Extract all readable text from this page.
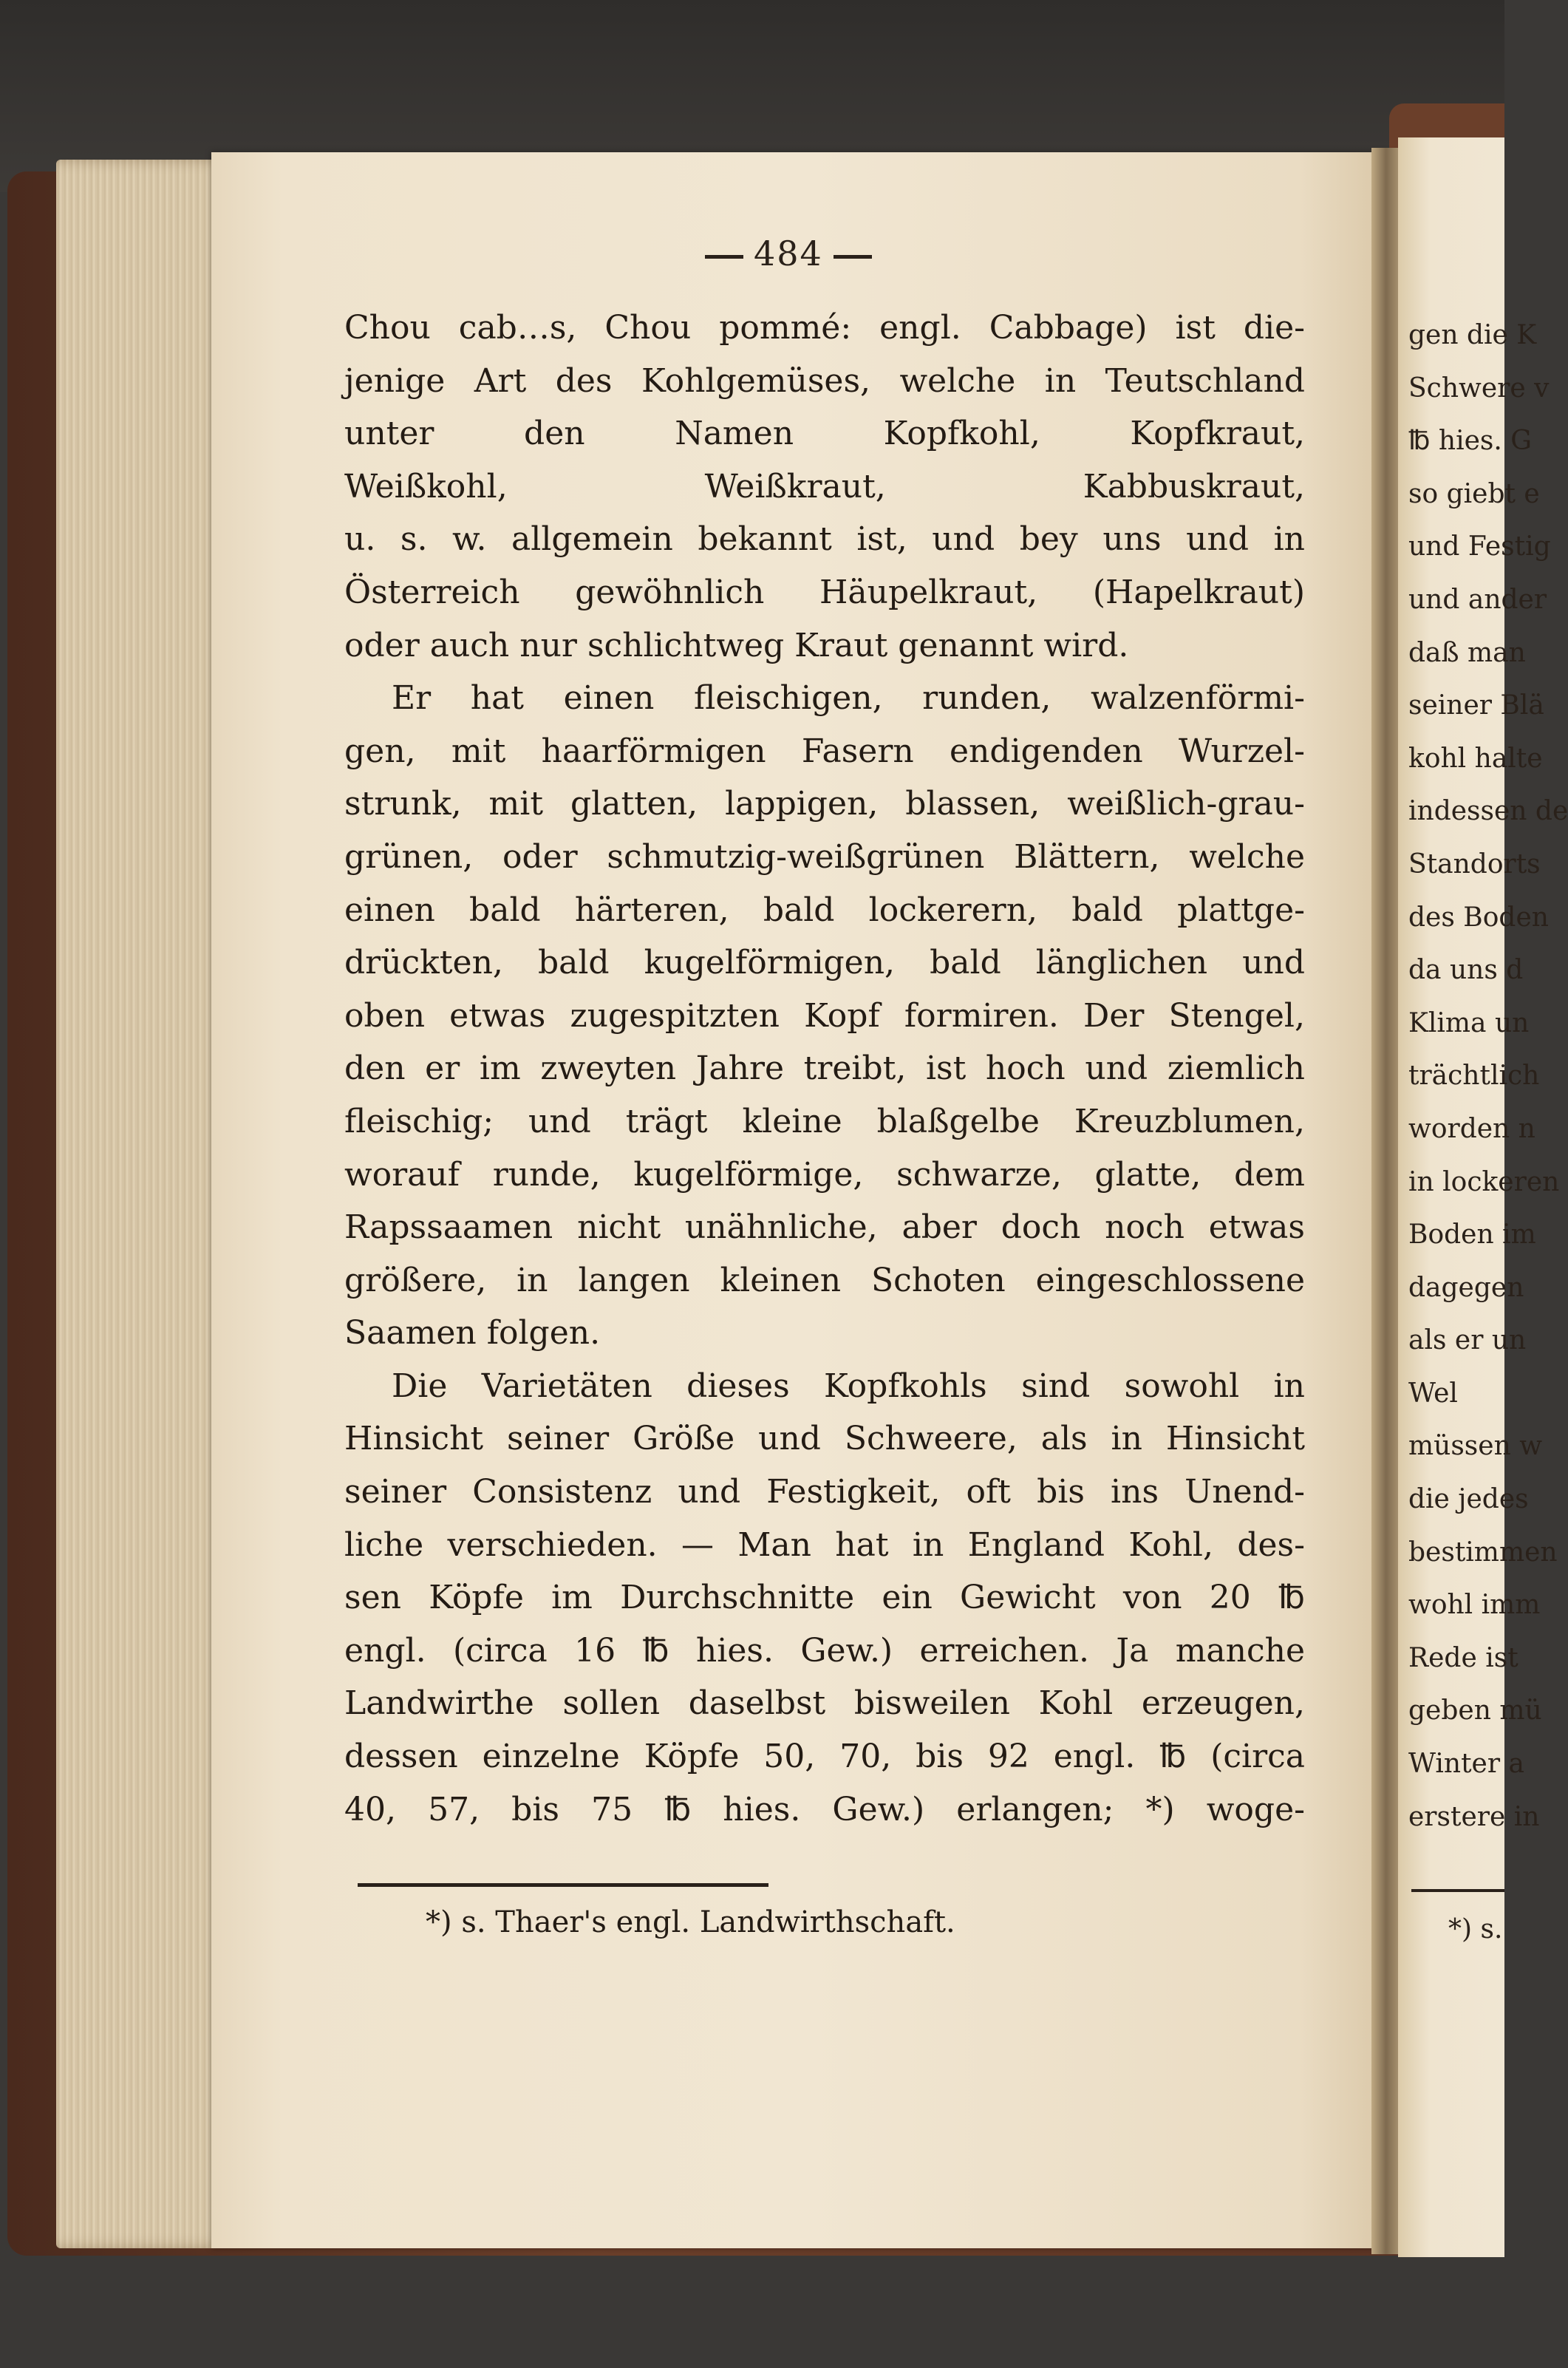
484
Chou cab…s, Chou pommé: engl. Cabbage) ist die-
jenige Art des Kohlgemüses, welche in Teutschland
unter den Namen Kopfkohl, Kopfkraut,
Weißkohl, Weißkraut, Kabbuskraut,
u. s. w. allgemein bekannt ist, und bey uns und in
Österreich gewöhnlich Häupelkraut, (Hapelkraut)
oder auch nur schlichtweg Kraut genannt wird.
Er hat einen fleischigen, runden, walzenförmi-
gen, mit haarförmigen Fasern endigenden Wurzel-
strunk, mit glatten, lappigen, blassen, weißlich-grau-
grünen, oder schmutzig-weißgrünen Blättern, welche
einen bald härteren, bald lockerern, bald plattge-
drückten, bald kugelförmigen, bald länglichen und
oben etwas zugespitzten Kopf formiren. Der Stengel,
den er im zweyten Jahre treibt, ist hoch und ziemlich
fleischig; und trägt kleine blaßgelbe Kreuzblumen,
worauf runde, kugelförmige, schwarze, glatte, dem
Rapssaamen nicht unähnliche, aber doch noch etwas
größere, in langen kleinen Schoten eingeschlossene
Saamen folgen.
Die Varietäten dieses Kopfkohls sind sowohl in
Hinsicht seiner Größe und Schweere, als in Hinsicht
seiner Consistenz und Festigkeit, oft bis ins Unend-
liche verschieden. — Man hat in England Kohl, des-
sen Köpfe im Durchschnitte ein Gewicht von 20 ℔
engl. (circa 16 ℔ hies. Gew.) erreichen. Ja manche
Landwirthe sollen daselbst bisweilen Kohl erzeugen,
dessen einzelne Köpfe 50, 70, bis 92 engl. ℔ (circa
40, 57, bis 75 ℔ hies. Gew.) erlangen; *) woge-
*) s. Thaer's engl. Landwirthschaft.
gen die K
Schwere v
℔ hies. G
so giebt e
und Festig
und ander
daß man
seiner Blä
kohl halte
indessen de
Standorts
des Boden
da uns d
Klima un
trächtlich
worden n
in lockeren
Boden im
dagegen
als er un
Wel
müssen w
die jedes
bestimmen
wohl imm
Rede ist
geben mü
Winter a
erstere in
*) s.
